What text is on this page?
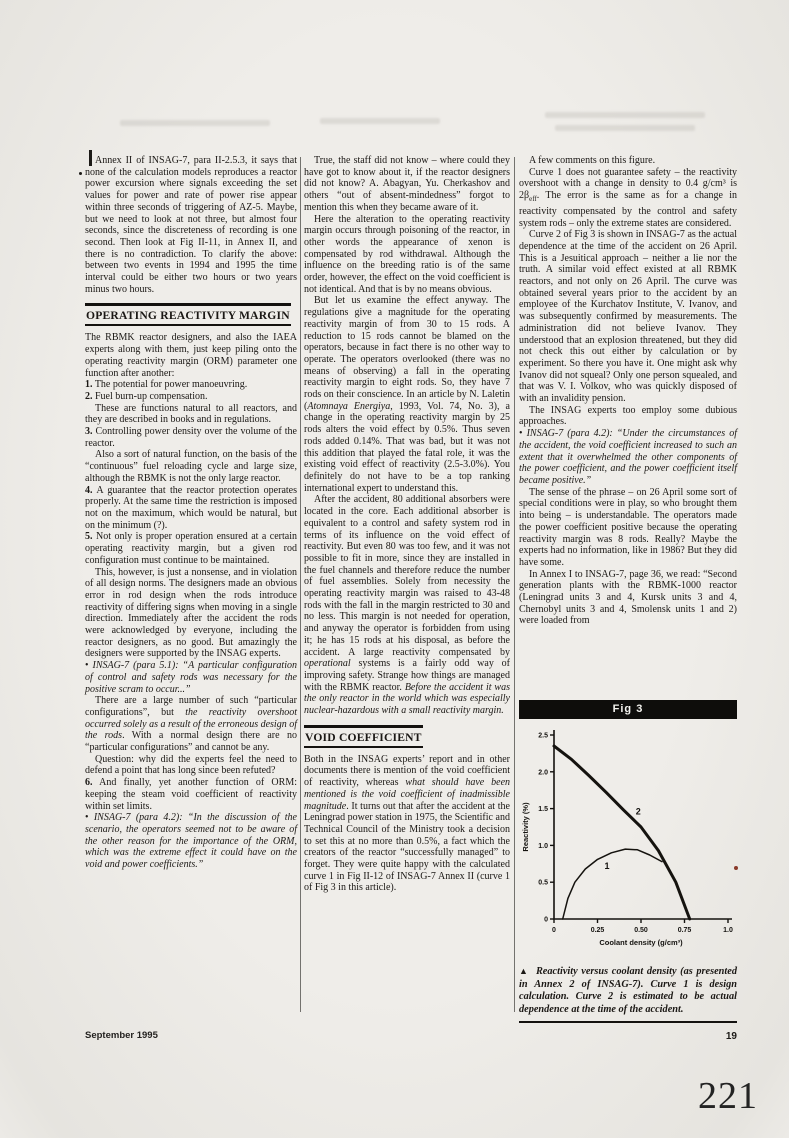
Annex II of INSAG-7, para II-2.5.3, it says that none of the calculation models reproduces a reactor power excursion where signals exceeding the set values for power and rate of power rise appear within three seconds of triggering of AZ-5. Maybe, but we need to look at not three, but almost four seconds, since the discreteness of recording is one second. Then look at Fig II-11, in Annex II, and there is no contradiction. To clarify the above: between two events in 1994 and 1995 the time interval could be either two hours or two years minus two hours.

OPERATING REACTIVITY MARGIN

The RBMK reactor designers, and also the IAEA experts along with them, just keep piling onto the operating reactivity margin (ORM) parameter one function after another:

1. The potential for power manoeuvring.

2. Fuel burn-up compensation.

These are functions natural to all reactors, and they are described in books and in regulations.

3. Controlling power density over the volume of the reactor.

Also a sort of natural function, on the basis of the “continuous” fuel reloading cycle and large size, although the RBMK is not the only large reactor.

4. A guarantee that the reactor protection operates properly. At the same time the restriction is imposed not on the maximum, which would be natural, but on the minimum (?).

5. Not only is proper operation ensured at a certain operating reactivity margin, but a given rod configuration must continue to be maintained.

This, however, is just a nonsense, and in violation of all design norms. The designers made an obvious error in rod design when the rods introduce reactivity of differing signs when moving in a single direction. Immediately after the accident the rods were acknowledged by everyone, including the reactor designers, as no good. But amazingly the designers were supported by the INSAG experts.

• INSAG-7 (para 5.1): “A particular configuration of control and safety rods was necessary for the positive scram to occur...”

There are a large number of such “particular configurations”, but the reactivity overshoot occurred solely as a result of the erroneous design of the rods. With a normal design there are no “particular configurations” and cannot be any.

Question: why did the experts feel the need to defend a point that has long since been refuted?

6. And finally, yet another function of ORM: keeping the steam void coefficient of reactivity within set limits.

• INSAG-7 (para 4.2): “In the discussion of the scenario, the operators seemed not to be aware of the other reason for the importance of the ORM, which was the extreme effect it could have on the void and power coefficients.”

True, the staff did not know – where could they have got to know about it, if the reactor designers did not know? A. Abagyan, Yu. Cherkashov and others “out of absent-mindedness” forgot to mention this when they became aware of it.

Here the alteration to the operating reactivity margin occurs through poisoning of the reactor, in other words the appearance of xenon is compensated by rod withdrawal. Although the influence on the breeding ratio is of the same order, however, the effect on the void coefficient is not identical. And that is by no means obvious.

But let us examine the effect anyway. The regulations give a magnitude for the operating reactivity margin of from 30 to 15 rods. A reduction to 15 rods cannot be blamed on the operators, because in fact there is no other way to operate. The operators overlooked (there was no means of observing) a fall in the operating reactivity margin to eight rods. So, they have 7 rods on their conscience. In an article by N. Laletin (Atomnaya Energiya, 1993, Vol. 74, No. 3), a change in the operating reactivity margin by 25 rods alters the void effect by 0.5%. Thus seven rods added 0.14%. That was bad, but it was not this addition that played the fatal role, it was the existing void effect of reactivity (2.5-3.0%). You definitely do not have to be a top ranking international expert to understand this.

After the accident, 80 additional absorbers were located in the core. Each additional absorber is equivalent to a control and safety system rod in terms of its influence on the void effect of reactivity. But even 80 was too few, and it was not possible to fit in more, since they are installed in the fuel channels and therefore reduce the number of fuel assemblies. Solely from necessity the operating reactivity margin was raised to 43-48 rods with the fall in the margin restricted to 30 and no less. This margin is not needed for operation, and anyway the operator is forbidden from using it; he has 15 rods at his disposal, as before the accident. A large reactivity compensated by operational systems is a fairly odd way of improving safety. Strange how things are managed with the RBMK reactor. Before the accident it was the only reactor in the world which was especially nuclear-hazardous with a small reactivity margin.

VOID COEFFICIENT

Both in the INSAG experts’ report and in other documents there is mention of the void coefficient of reactivity, whereas what should have been mentioned is the void coefficient of inadmissible magnitude. It turns out that after the accident at the Leningrad power station in 1975, the Scientific and Technical Council of the Ministry took a decision to set this at no more than 0.5%, a fact which the creators of the reactor “successfully managed” to forget. They were quite happy with the calculated curve 1 in Fig II-12 of INSAG-7 Annex II (curve 1 of Fig 3 in this article).

A few comments on this figure.

Curve 1 does not guarantee safety – the reactivity overshoot with a change in density to 0.4 g/cm³ is $2\beta_{eff}$. The error is the same as for a change in reactivity compensated by the control and safety system rods – only the extreme states are considered.

Curve 2 of Fig 3 is shown in INSAG-7 as the actual dependence at the time of the accident on 26 April. This is a Jesuitical approach – neither a lie nor the truth. A similar void effect existed at all RBMK reactors, and not only on 26 April. The curve was obtained several years prior to the accident by an employee of the Kurchatov Institute, V. Ivanov, and was subsequently confirmed by measurements. The administration did not believe Ivanov. They understood that an explosion threatened, but they did not check this out either by calculation or by experiment. So there you have it. One might ask why Ivanov did not squeal? Only one person squealed, and that was V. I. Volkov, who was quickly disposed of with an invalidity pension.

The INSAG experts too employ some dubious approaches.

• INSAG-7 (para 4.2): “Under the circumstances of the accident, the void coefficient increased to such an extent that it overwhelmed the other components of the power coefficient, and the power coefficient itself became positive.”

The sense of the phrase – on 26 April some sort of special conditions were in play, so who brought them into being – is understandable. The operators made the power coefficient positive because the operating reactivity margin was 8 rods. Really? Maybe the experts had no information, like in 1986? But they did have some.

In Annex I to INSAG-7, page 36, we read: “Second generation plants with the RBMK-1000 reactor (Leningrad units 3 and 4, Kursk units 3 and 4, Chernobyl units 3 and 4, Smolensk units 1 and 2) were loaded from

Fig 3
0
0.5
1.0
1.5
2.0
2.5
0	0.25	0.50	0.75	1.0
Coolant density (g/cm³)
Reactivity (%)	2
1
▲ Reactivity versus coolant density (as presented in Annex 2 of INSAG-7). Curve 1 is design calculation. Curve 2 is estimated to be actual dependence at the time of the accident.
September 1995	19
221
